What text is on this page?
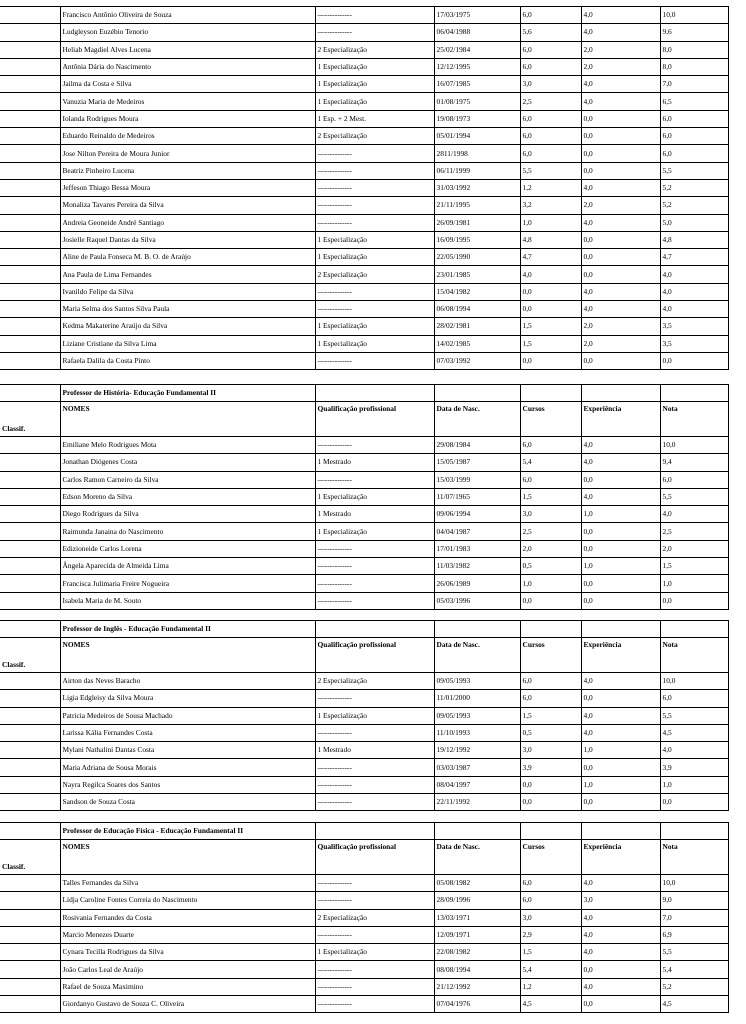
	Francisco Antônio Oliveira de Souza	--------------	17/03/1975	6,0	4,0	10,0
	Ludgleyson Euzébio Tenorio	--------------	06/04/1988	5,6	4,0	9,6
	Heliab Magdiel Alves Lucena	2 Especialização	25/02/1984	6,0	2,0	8,0
	Antônia Dária do Nascimento	1 Especialização	12/12/1995	6,0	2,0	8,0
	Jailma da Costa e Silva	1 Especialização	16/07/1985	3,0	4,0	7,0
	Vanuzia Maria de Medeiros	1 Especialização	01/08/1975	2,5	4,0	6,5
	Iolanda Rodrigues Moura	1 Esp. + 2 Mest.	19/08/1973	6,0	0,0	6,0
	Eduardo Reinaldo de Medeiros	2 Especialização	05/01/1994	6,0	0,0	6,0
	Jose Nilton Pereira de Moura Junior	--------------	2811/1998	6,0	0,0	6,0
	Beatriz Pinheiro Lucena	--------------	06/11/1999	5,5	0,0	5,5
	Jeffeson Thiago Bessa Moura	--------------	31/03/1992	1,2	4,0	5,2
	Monaliza Tavares Pereira da Silva	--------------	21/11/1995	3,2	2,0	5,2
	Andreia Geoneide André Santiago	--------------	26/09/1981	1,0	4,0	5,0
	Josielle Raquel Dantas da Silva	1 Especialização	16/09/1995	4,8	0,0	4,8
	Aline de Paula Fonseca M. B. O. de Araújo	1 Especialização	22/05/1990	4,7	0,0	4,7
	Ana Paula de Lima Fernandes	2 Especialização	23/01/1985	4,0	0,0	4,0
	Ivanildo Felipe da Silva	--------------	15/04/1982	0,0	4,0	4,0
	Maria Selma dos Santos Silva Paula	--------------	06/08/1994	0,0	4,0	4,0
	Kedma Makaterine Araújo da Silva	1 Especialização	28/02/1981	1,5	2,0	3,5
	Liziane Cristiane da Silva Lima	1 Especialização	14/02/1985	1,5	2,0	3,5
	Rafaela Dalila da Costa Pinto	--------------	07/03/1992	0,0	0,0	0,0
	Professor de História- Educação Fundamental II					
Classif.	NOMES	Qualificação profissional	Data de Nasc.	Cursos	Experiência	Nota
	Emiliane Melo Rodrigues Mota	--------------	29/08/1984	6,0	4,0	10,0
	Jonathan Diógenes Costa	1 Mestrado	15/05/1987	5,4	4,0	9,4
	Carlos Ramon Carneiro da Silva	--------------	15/03/1999	6,0	0,0	6,0
	Edson Moreno da Silva	1 Especialização	11/07/1965	1,5	4,0	5,5
	Diego Rodrigues da Silva	1 Mestrado	09/06/1994	3,0	1,0	4,0
	Raimunda Janaina do Nascimento	1 Especialização	04/04/1987	2,5	0,0	2,5
	Edizioneide Carlos Lorena	--------------	17/01/1983	2,0	0,0	2,0
	Ângela Aparecida de Almeida Lima	--------------	11/03/1982	0,5	1,0	1,5
	Francisca Julimaria Freire Nogueira	--------------	26/06/1989	1,0	0,0	1,0
	Isabela Maria de M. Souto	--------------	05/03/1996	0,0	0,0	0,0
	Professor de Inglês - Educação Fundamental II					
Classif.	NOMES	Qualificação profissional	Data de Nasc.	Cursos	Experiência	Nota
	Airton das Neves Baracho	2 Especialização	09/05/1993	6,0	4,0	10,0
	Ligia Edgleisy da Silva Moura	--------------	11/01/2000	6,0	0,0	6,0
	Patricia Medeiros de Sousa Machado	1 Especialização	09/05/1993	1,5	4,0	5,5
	Larissa Kália Fernandes Costa	--------------	11/10/1993	0,5	4,0	4,5
	Mylani Nathalini Dantas Costa	1 Mestrado	19/12/1992	3,0	1,0	4,0
	Maria Adriana de Sousa Morais	--------------	03/03/1987	3,9	0,0	3,9
	Nayra Regilca Soares dos Santos	--------------	08/04/1997	0,0	1,0	1,0
	Sandson de Souza Costa	--------------	22/11/1992	0,0	0,0	0,0
	Professor de Educação Física - Educação Fundamental II					
Classif.	NOMES	Qualificação profissional	Data de Nasc.	Cursos	Experiência	Nota
	Talles Fernandes da Silva	--------------	05/08/1982	6,0	4,0	10,0
	Lidja Caroline Fontes Correia do Nascimento	--------------	28/09/1996	6,0	3,0	9,0
	Rosivania Fernandes da Costa	2 Especialização	13/03/1971	3,0	4,0	7,0
	Marcio Menezes Duarte	--------------	12/09/1971	2,9	4,0	6,9
	Cynara Tecilla Rodrigues da Silva	1 Especialização	22/08/1982	1,5	4,0	5,5
	João Carlos Leal de Araújo	--------------	08/08/1994	5,4	0,0	5,4
	Rafael de Souza Maximino	--------------	21/12/1992	1,2	4,0	5,2
	Giordanyo Gustavo de Souza C. Oliveira	--------------	07/04/1976	4,5	0,0	4,5
